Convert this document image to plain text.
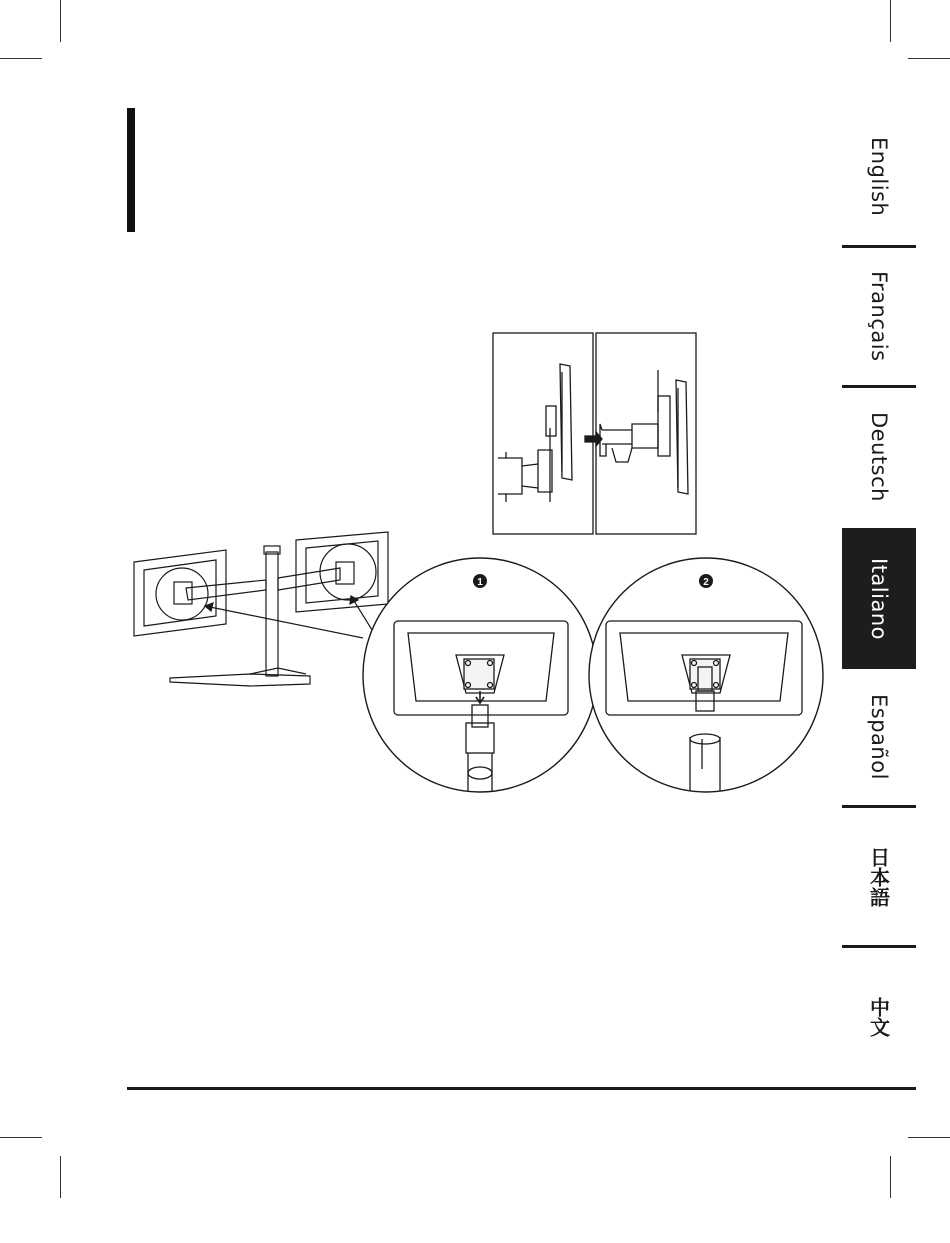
English
Français
Deutsch
Italiano
Español
日本語
中文
1	2
